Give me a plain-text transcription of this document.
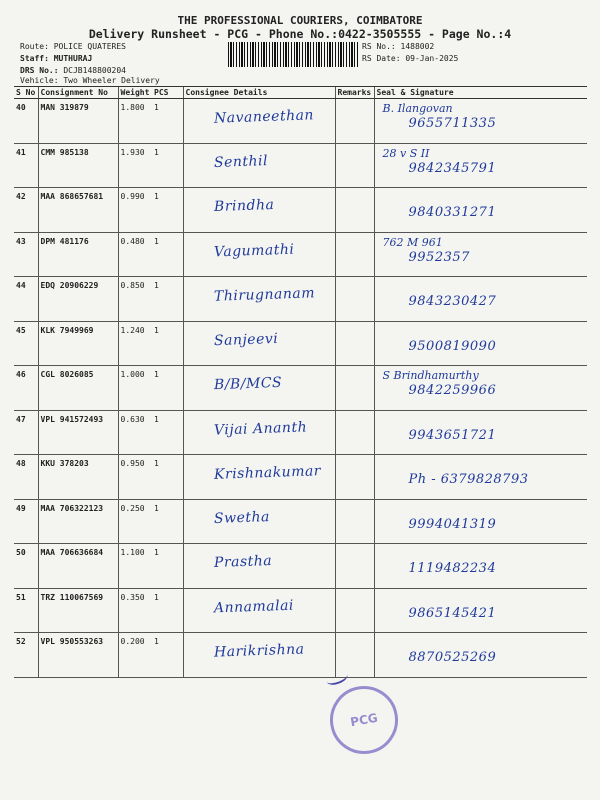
THE PROFESSIONAL COURIERS, COIMBATORE
Delivery Runsheet - PCG - Phone No.:0422-3505555 - Page No.:4
Route: POLICE QUATERES
Staff: MUTHURAJ
DRS No.: DCJB148800204
Vehicle: Two Wheeler Delivery
RS No.: 1488002
RS Date: 09-Jan-2025
S No	Consignment No	Weight	PCS	Consignee Details	Remarks	Seal & Signature
40	MAN 319879	1.800	1	Navaneethan		B. Ilangovan
9655711335

41	CMM 985138	1.930	1	Senthil		28 v S II
9842345791

42	MAA 868657681	0.990	1	Brindha		9840331271

43	DPM 481176	0.480	1	Vagumathi		762 M 961
9952357

44	EDQ 20906229	0.850	1	Thirugnanam		9843230427

45	KLK 7949969	1.240	1	Sanjeevi		9500819090

46	CGL 8026085	1.000	1	B/B/MCS		S Brindhamurthy
9842259966

47	VPL 941572493	0.630	1	Vijai Ananth		9943651721

48	KKU 378203	0.950	1	Krishnakumar		Ph - 6379828793

49	MAA 706322123	0.250	1	Swetha		9994041319

50	MAA 706636684	1.100	1	Prastha		1119482234

51	TRZ 110067569	0.350	1	Annamalai		9865145421

52	VPL 950553263	0.200	1	Harikrishna		8870525269
PCG
